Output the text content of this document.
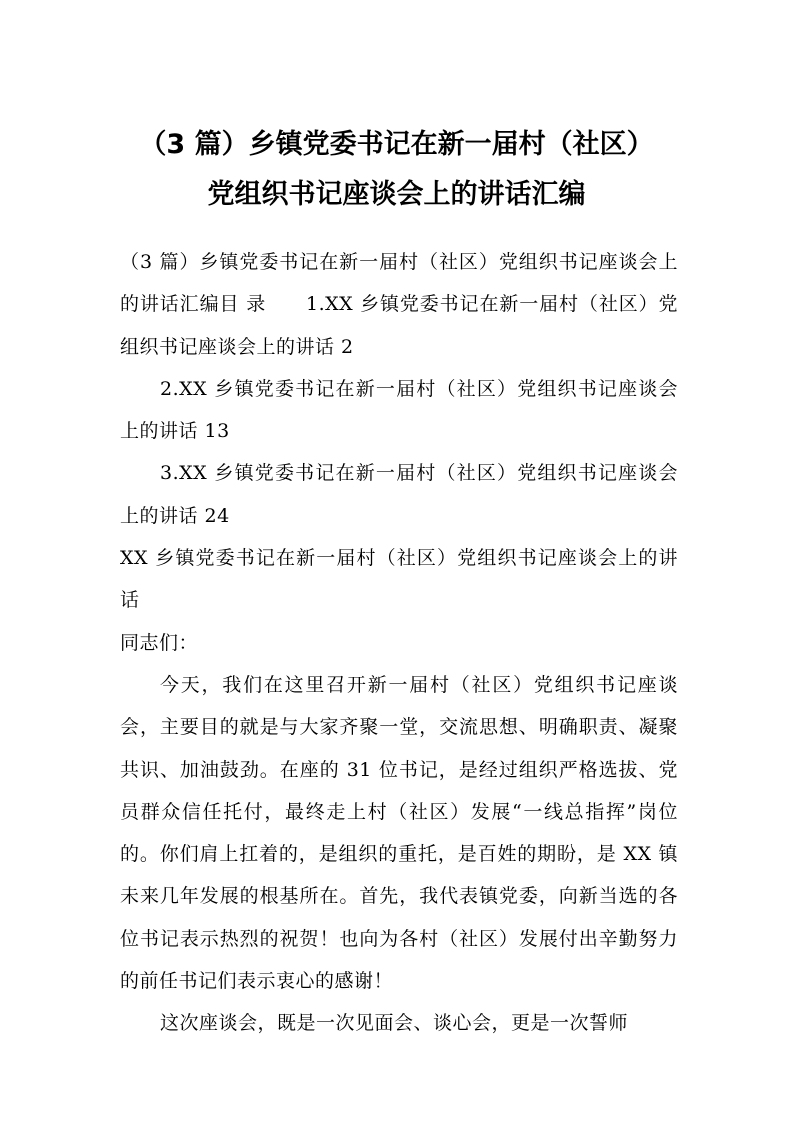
（3 篇）乡镇党委书记在新一届村（社区）
党组织书记座谈会上的讲话汇编

（3 篇）乡镇党委书记在新一届村（社区）党组织书记座谈会上的讲话汇编目 录　　1.XX 乡镇党委书记在新一届村（社区）党组织书记座谈会上的讲话 2

2.XX 乡镇党委书记在新一届村（社区）党组织书记座谈会上的讲话 13

3.XX 乡镇党委书记在新一届村（社区）党组织书记座谈会上的讲话 24

XX 乡镇党委书记在新一届村（社区）党组织书记座谈会上的讲话

同志们：

今天，我们在这里召开新一届村（社区）党组织书记座谈会，主要目的就是与大家齐聚一堂，交流思想、明确职责、凝聚共识、加油鼓劲。在座的 31 位书记，是经过组织严格选拔、党员群众信任托付，最终走上村（社区）发展“一线总指挥”岗位的。你们肩上扛着的，是组织的重托，是百姓的期盼，是 XX 镇未来几年发展的根基所在。首先，我代表镇党委，向新当选的各位书记表示热烈的祝贺！也向为各村（社区）发展付出辛勤努力的前任书记们表示衷心的感谢！

这次座谈会，既是一次见面会、谈心会，更是一次誓师
